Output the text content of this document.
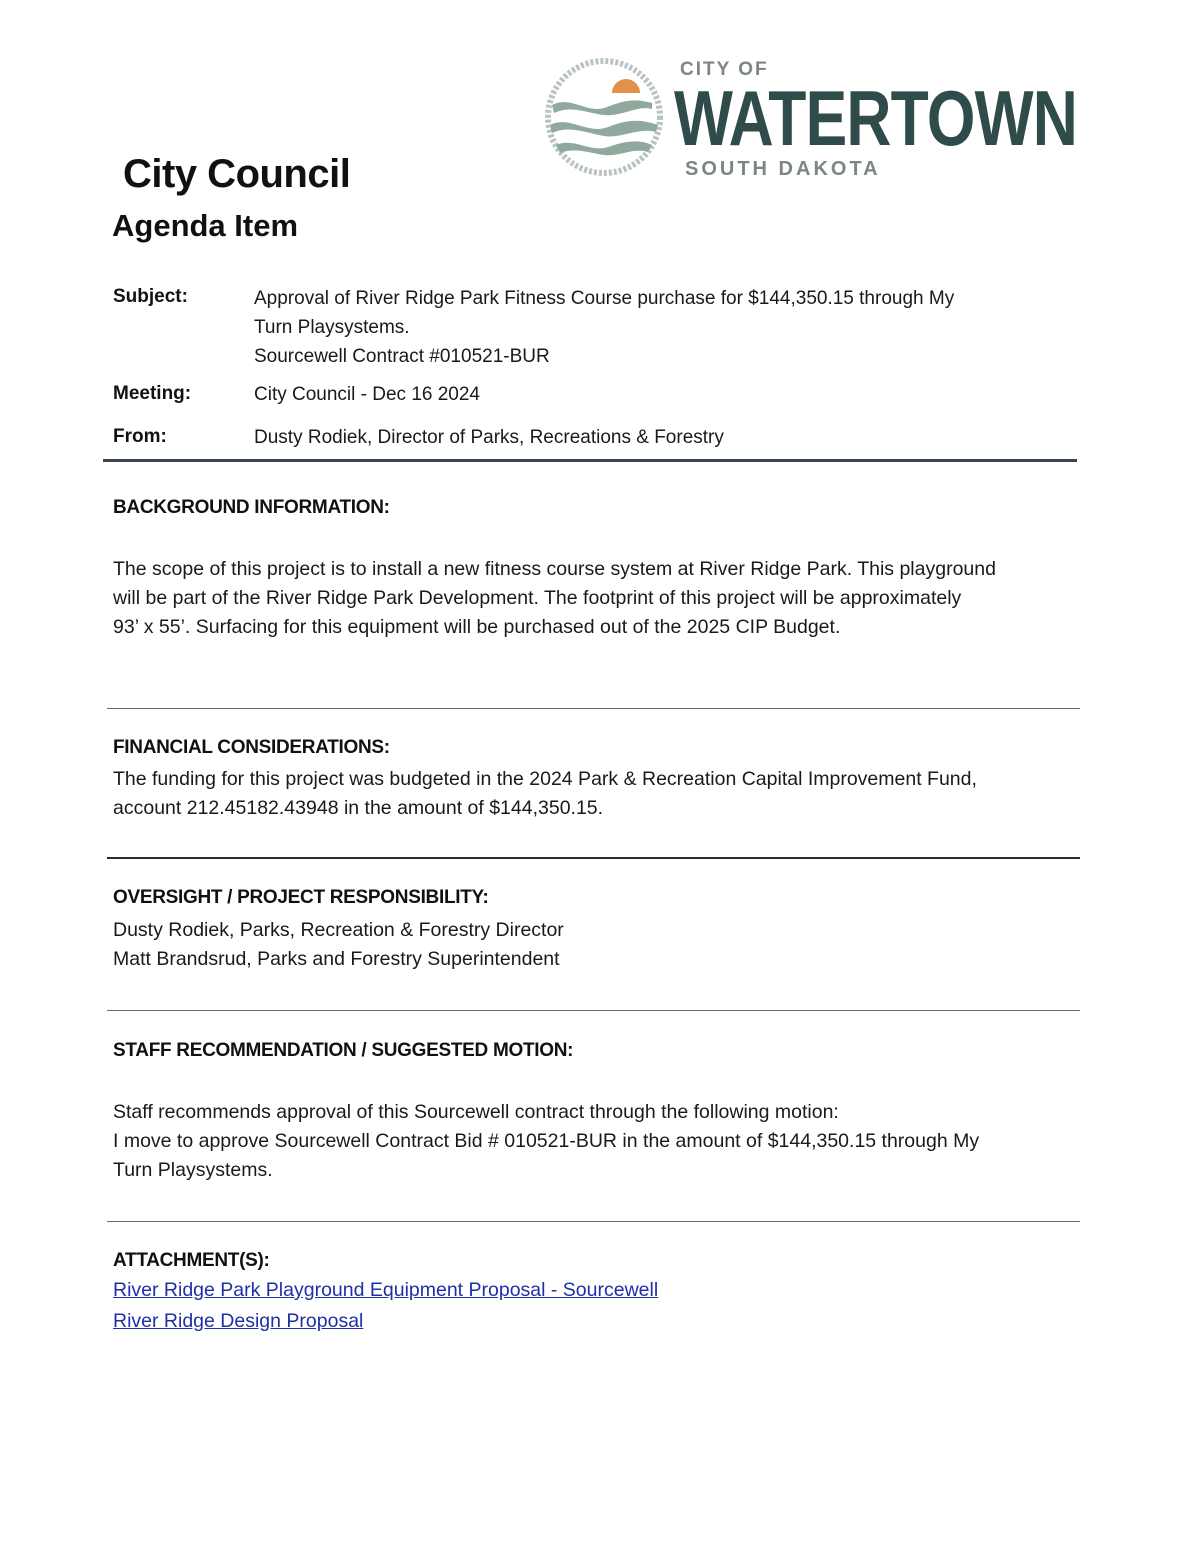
CITY OF
WATERTOWN
SOUTH DAKOTA
City Council
Agenda Item
Subject:	Approval of River Ridge Park Fitness Course purchase for $144,350.15 through My
Turn Playsystems.
Sourcewell Contract #010521-BUR
Meeting:	City Council - Dec 16 2024
From:	Dusty Rodiek, Director of Parks, Recreations & Forestry
BACKGROUND INFORMATION:
The scope of this project is to install a new fitness course system at River Ridge Park. This playground
will be part of the River Ridge Park Development. The footprint of this project will be approximately
93’ x 55’. Surfacing for this equipment will be purchased out of the 2025 CIP Budget.
FINANCIAL CONSIDERATIONS:
The funding for this project was budgeted in the 2024 Park & Recreation Capital Improvement Fund,
account 212.45182.43948 in the amount of $144,350.15.
OVERSIGHT / PROJECT RESPONSIBILITY:
Dusty Rodiek, Parks, Recreation & Forestry Director
Matt Brandsrud, Parks and Forestry Superintendent
STAFF RECOMMENDATION / SUGGESTED MOTION:
Staff recommends approval of this Sourcewell contract through the following motion:
I move to approve Sourcewell Contract Bid # 010521-BUR in the amount of $144,350.15 through My
Turn Playsystems.
ATTACHMENT(S):
River Ridge Park Playground Equipment Proposal - Sourcewell
River Ridge Design Proposal
